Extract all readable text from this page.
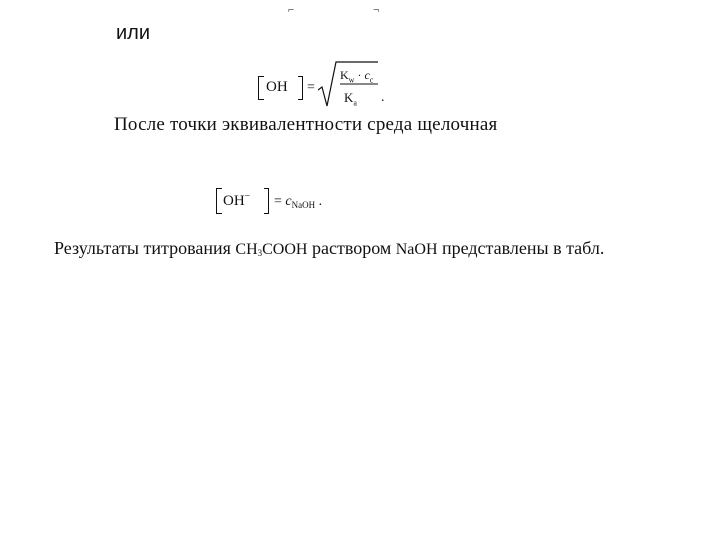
⌐ ¬
или
OH =
$K_w \cdot c_c$
$K_a$ .
После точки эквивалентности среда щелочная
$OH^- = c_{NaOH}$ .
Результаты титрования $CH_3COOH$ раствором NaOH представлены в табл.
